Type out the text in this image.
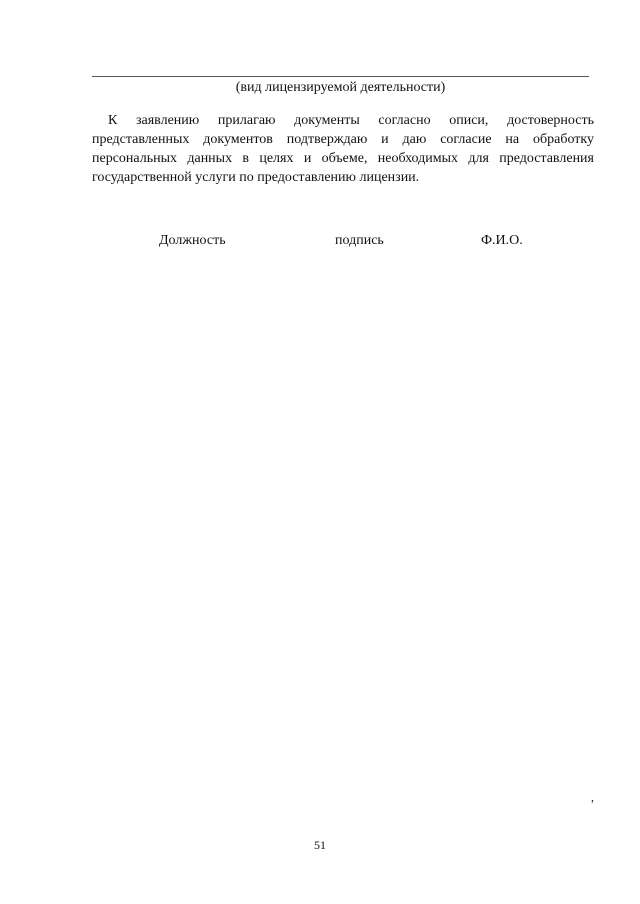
(вид лицензируемой деятельности)

К заявлению прилагаю документы согласно описи, достоверность представленных документов подтверждаю и даю согласие на обработку персональных данных в целях и объеме, необходимых для предоставления государственной услуги по предоставлению лицензии.

Должность	подпись	Ф.И.О.
,
51
